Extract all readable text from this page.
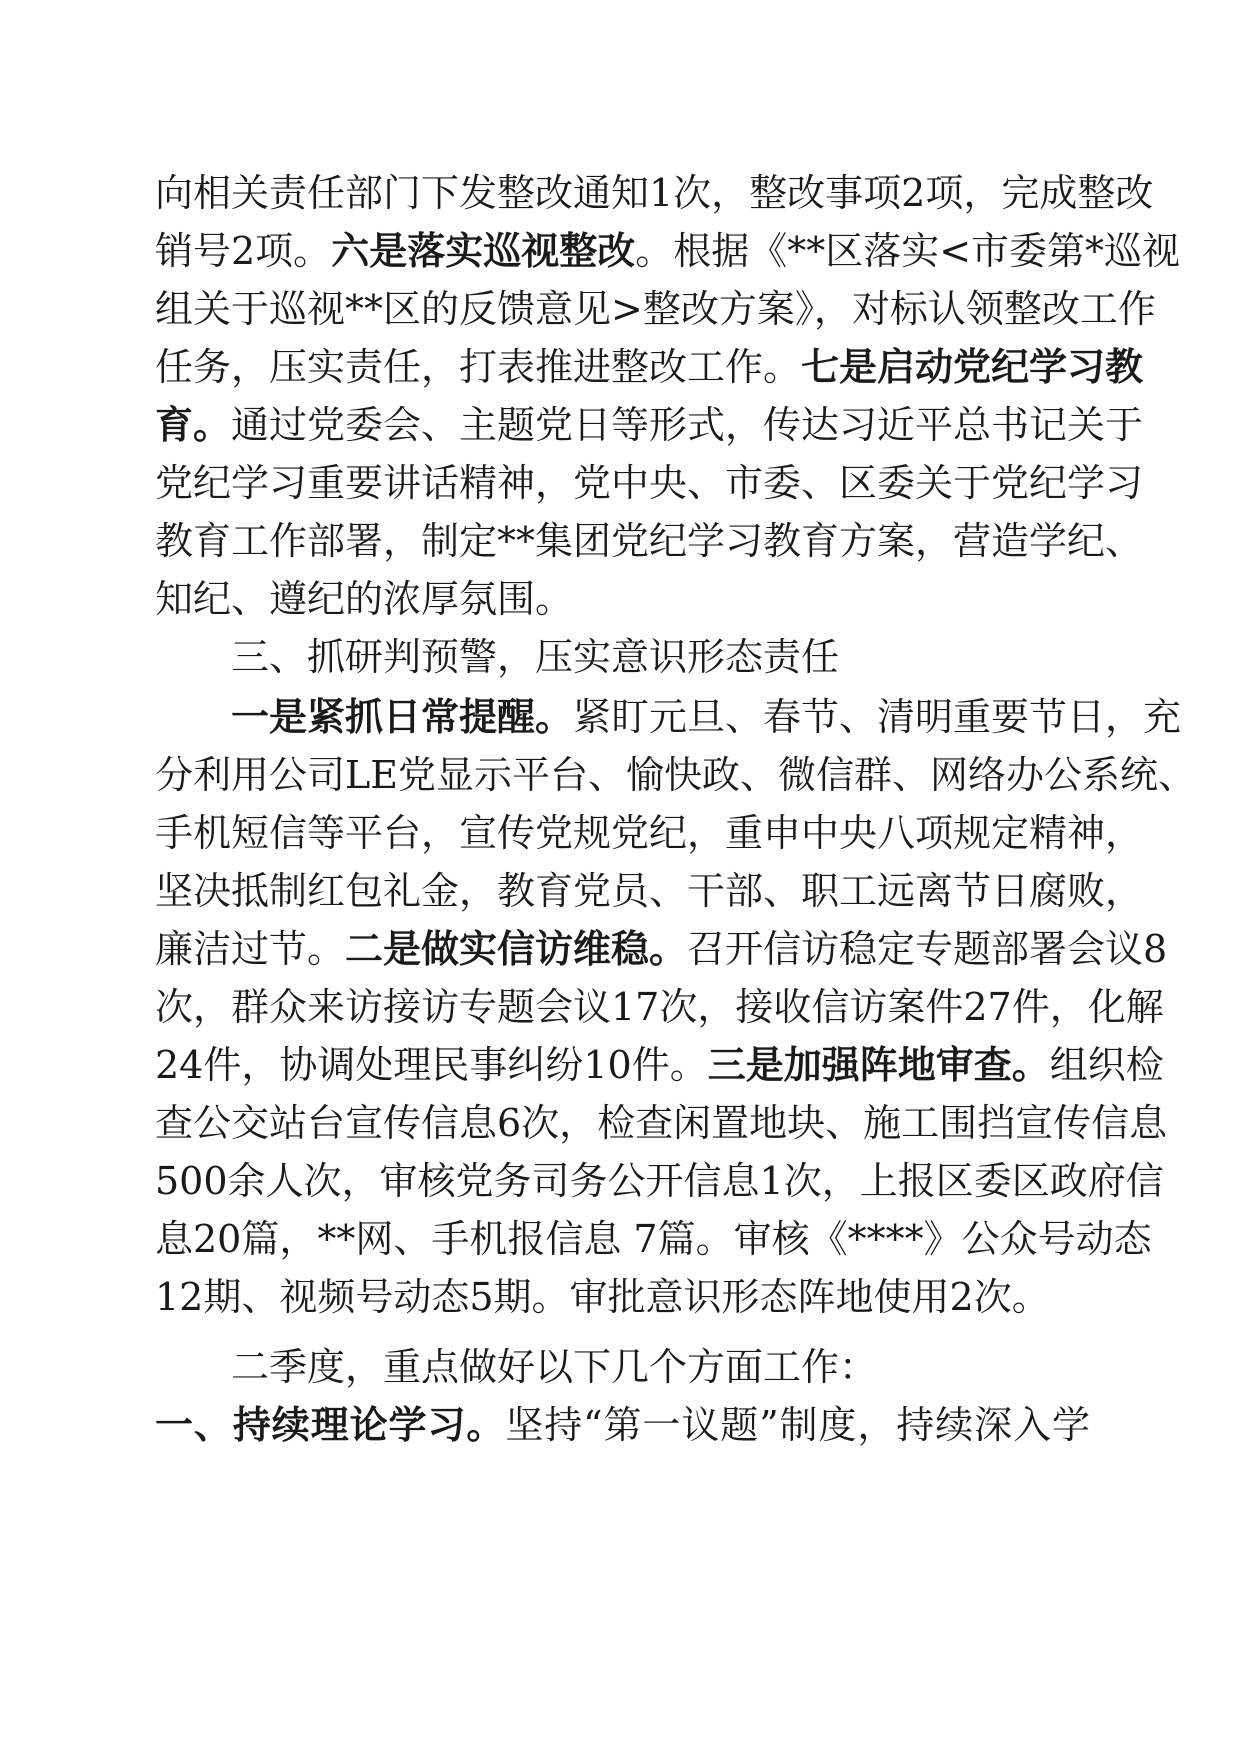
向相关责任部门下发整改通知1次，整改事项2项，完成整改
销号2项。六是落实巡视整改。根据《**区落实<市委第*巡视
组关于巡视**区的反馈意见>整改方案》，对标认领整改工作
任务，压实责任，打表推进整改工作。七是启动党纪学习教
育。通过党委会、主题党日等形式，传达习近平总书记关于
党纪学习重要讲话精神，党中央、市委、区委关于党纪学习
教育工作部署，制定**集团党纪学习教育方案，营造学纪、
知纪、遵纪的浓厚氛围。
三、抓研判预警，压实意识形态责任
一是紧抓日常提醒。紧盯元旦、春节、清明重要节日，充
分利用公司LE党显示平台、愉快政、微信群、网络办公系统、
手机短信等平台，宣传党规党纪，重申中央八项规定精神，
坚决抵制红包礼金，教育党员、干部、职工远离节日腐败，
廉洁过节。二是做实信访维稳。召开信访稳定专题部署会议8
次，群众来访接访专题会议17次，接收信访案件27件，化解
24件，协调处理民事纠纷10件。三是加强阵地审查。组织检
查公交站台宣传信息6次，检查闲置地块、施工围挡宣传信息
500余人次，审核党务司务公开信息1次，上报区委区政府信
息20篇，**网、手机报信息 7篇。审核《****》公众号动态
12期、视频号动态5期。审批意识形态阵地使用2次。
二季度，重点做好以下几个方面工作：
一、持续理论学习。坚持“第一议题”制度，持续深入学
